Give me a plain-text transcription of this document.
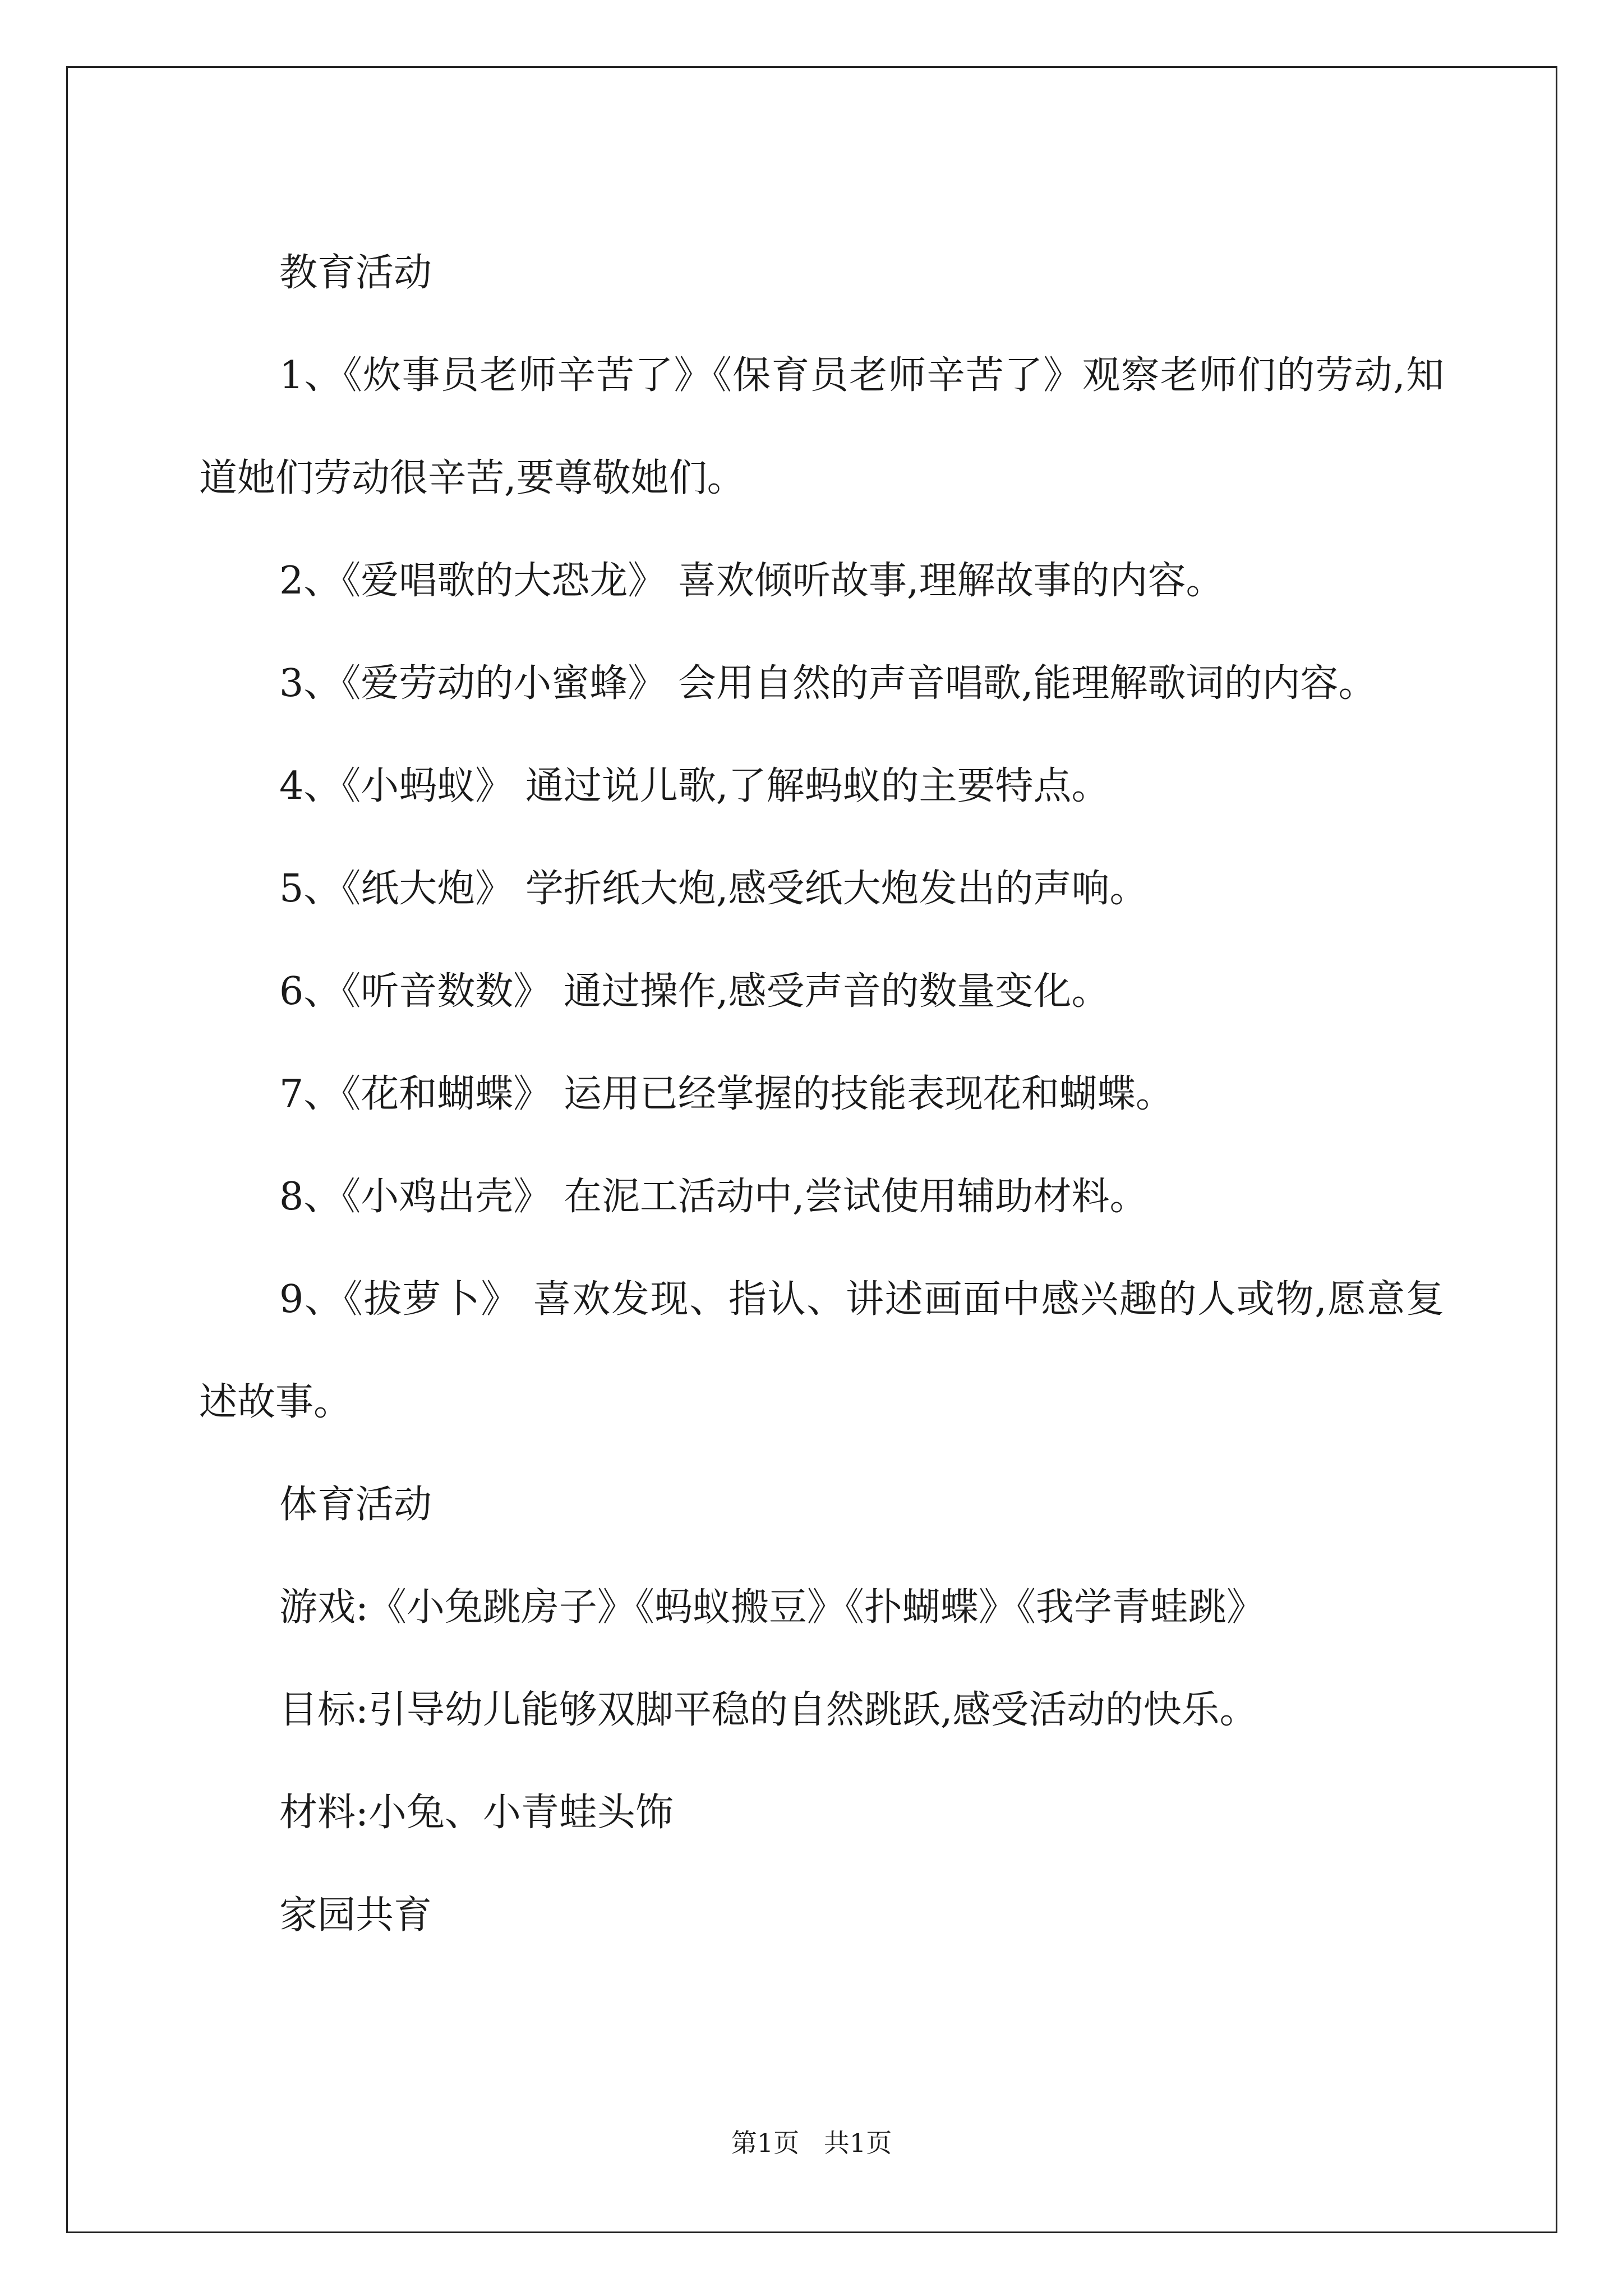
教育活动

1、《炊事员老师辛苦了》《保育员老师辛苦了》观察老师们的劳动,知道她们劳动很辛苦,要尊敬她们。

2、《爱唱歌的大恐龙》 喜欢倾听故事,理解故事的内容。

3、《爱劳动的小蜜蜂》 会用自然的声音唱歌,能理解歌词的内容。

4、《小蚂蚁》 通过说儿歌,了解蚂蚁的主要特点。

5、《纸大炮》 学折纸大炮,感受纸大炮发出的声响。

6、《听音数数》 通过操作,感受声音的数量变化。

7、《花和蝴蝶》 运用已经掌握的技能表现花和蝴蝶。

8、《小鸡出壳》 在泥工活动中,尝试使用辅助材料。

9、《拔萝卜》 喜欢发现、指认、讲述画面中感兴趣的人或物,愿意复述故事。

体育活动

游戏:《小兔跳房子》《蚂蚁搬豆》《扑蝴蝶》《我学青蛙跳》

目标:引导幼儿能够双脚平稳的自然跳跃,感受活动的快乐。

材料:小兔、小青蛙头饰

家园共育

第1页   共1页
